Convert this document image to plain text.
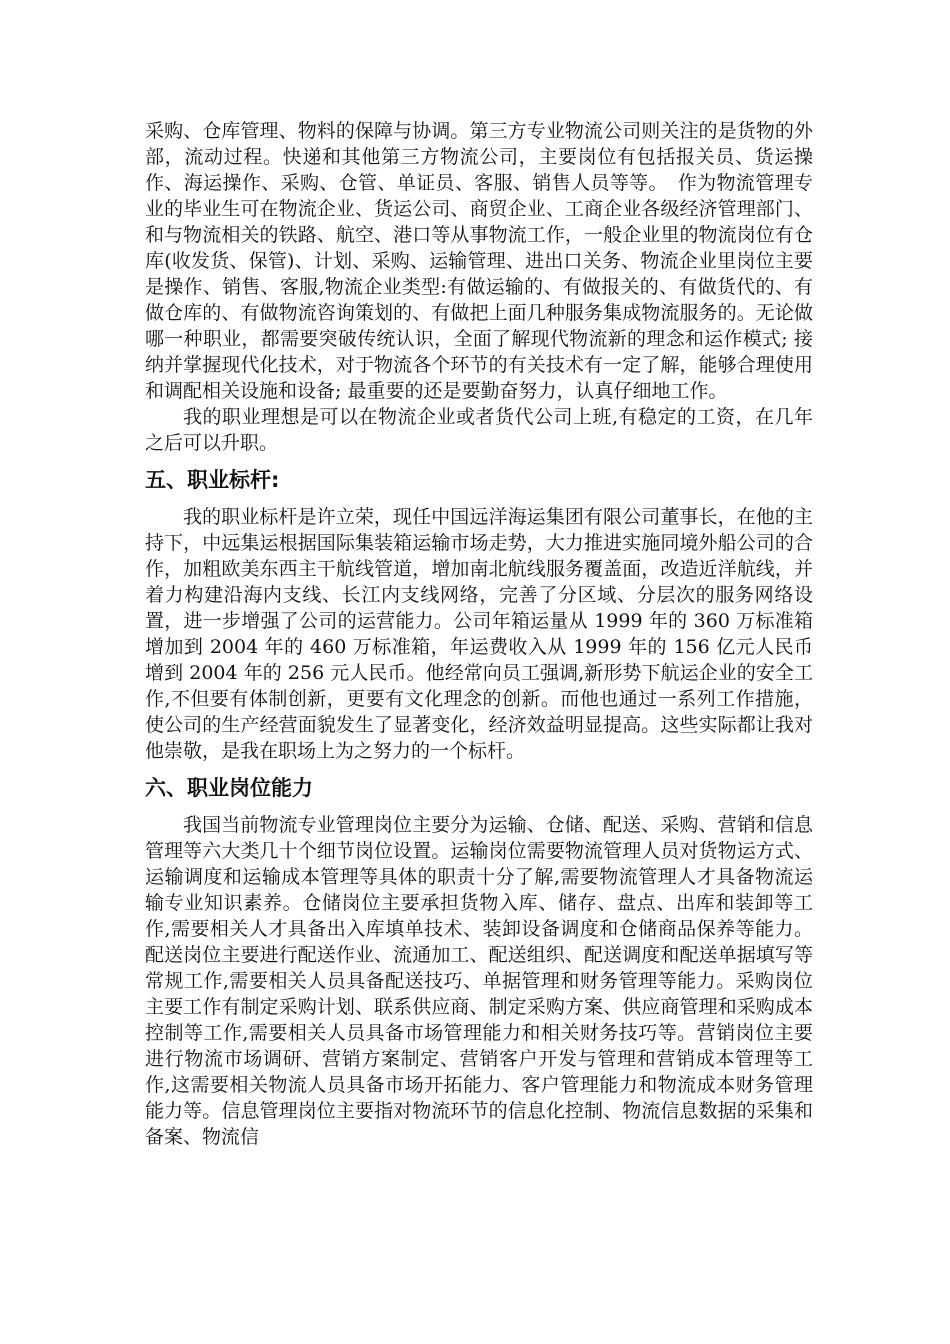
采购、仓库管理、物料的保障与协调。第三方专业物流公司则关注的是货物的外部，流动过程。快递和其他第三方物流公司，主要岗位有包括报关员、货运操作、海运操作、采购、仓管、单证员、客服、销售人员等等。　作为物流管理专业的毕业生可在物流企业、货运公司、商贸企业、工商企业各级经济管理部门、和与物流相关的铁路、航空、港口等从事物流工作，一般企业里的物流岗位有仓库(收发货、保管)、计划、采购、运输管理、进出口关务、物流企业里岗位主要是操作、销售、客服,物流企业类型:有做运输的、有做报关的、有做货代的、有做仓库的、有做物流咨询策划的、有做把上面几种服务集成物流服务的。无论做哪一种职业，都需要突破传统认识，全面了解现代物流新的理念和运作模式; 接纳并掌握现代化技术，对于物流各个环节的有关技术有一定了解，能够合理使用和调配相关设施和设备; 最重要的还是要勤奋努力，认真仔细地工作。

我的职业理想是可以在物流企业或者货代公司上班,有稳定的工资，在几年之后可以升职。

五、职业标杆:

我的职业标杆是许立荣，现任中国远洋海运集团有限公司董事长，在他的主持下，中远集运根据国际集装箱运输市场走势，大力推进实施同境外船公司的合作，加粗欧美东西主干航线管道，增加南北航线服务覆盖面，改造近洋航线，并着力构建沿海内支线、长江内支线网络，完善了分区域、分层次的服务网络设置，进一步增强了公司的运营能力。公司年箱运量从 1999 年的 360 万标准箱增加到 2004 年的 460 万标准箱，年运费收入从 1999 年的 156 亿元人民币增到 2004 年的 256 元人民币。他经常向员工强调,新形势下航运企业的安全工作,不但要有体制创新，更要有文化理念的创新。而他也通过一系列工作措施，使公司的生产经营面貌发生了显著变化，经济效益明显提高。这些实际都让我对他崇敬，是我在职场上为之努力的一个标杆。

六、职业岗位能力

我国当前物流专业管理岗位主要分为运输、仓储、配送、采购、营销和信息管理等六大类几十个细节岗位设置。运输岗位需要物流管理人员对货物运方式、运输调度和运输成本管理等具体的职责十分了解,需要物流管理人才具备物流运输专业知识素养。仓储岗位主要承担货物入库、储存、盘点、出库和装卸等工作,需要相关人才具备出入库填单技术、装卸设备调度和仓储商品保养等能力。配送岗位主要进行配送作业、流通加工、配送组织、配送调度和配送单据填写等常规工作,需要相关人员具备配送技巧、单据管理和财务管理等能力。采购岗位主要工作有制定采购计划、联系供应商、制定采购方案、供应商管理和采购成本控制等工作,需要相关人员具备市场管理能力和相关财务技巧等。营销岗位主要进行物流市场调研、营销方案制定、营销客户开发与管理和营销成本管理等工作,这需要相关物流人员具备市场开拓能力、客户管理能力和物流成本财务管理能力等。信息管理岗位主要指对物流环节的信息化控制、物流信息数据的采集和备案、物流信
